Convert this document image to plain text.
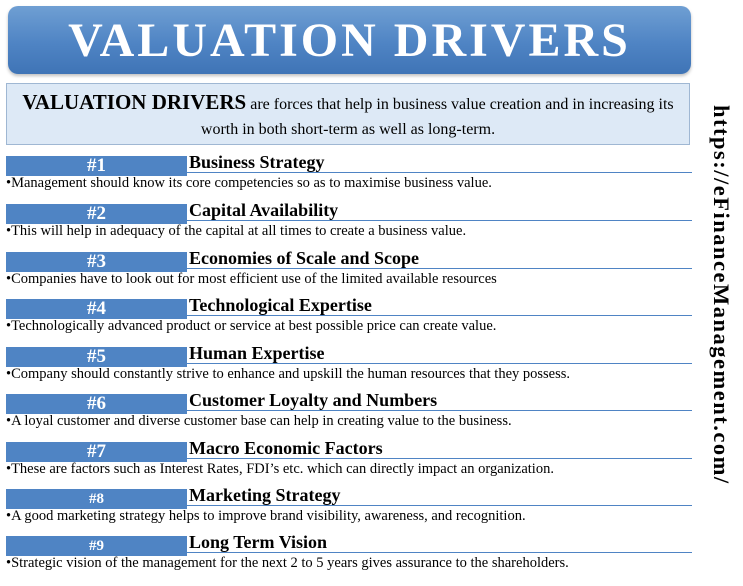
VALUATION DRIVERS
VALUATION DRIVERS are forces that help in business value creation and in increasing its worth in both short-term as well as long-term.	https://eFinanceManagement.com/
#1	Business Strategy
•Management should know its core competencies so as to maximise business value.
#2	Capital Availability
•This will help in adequacy of the capital at all times to create a business value.
#3	Economies of Scale and Scope
•Companies have to look out for most efficient use of the limited available resources
#4	Technological Expertise
•Technologically advanced product or service at best possible price can create value.
#5	Human Expertise
•Company should constantly strive to enhance and upskill the human resources that they possess.
#6	Customer Loyalty and Numbers
•A loyal customer and diverse customer base can help in creating value to the business.
#7	Macro Economic Factors
•These are factors such as Interest Rates, FDI’s etc. which can directly impact an organization.
#8	Marketing Strategy
•A good marketing strategy helps to improve brand visibility, awareness, and recognition.
#9	Long Term Vision
•Strategic vision of the management for the next 2 to 5 years gives assurance to the shareholders.
